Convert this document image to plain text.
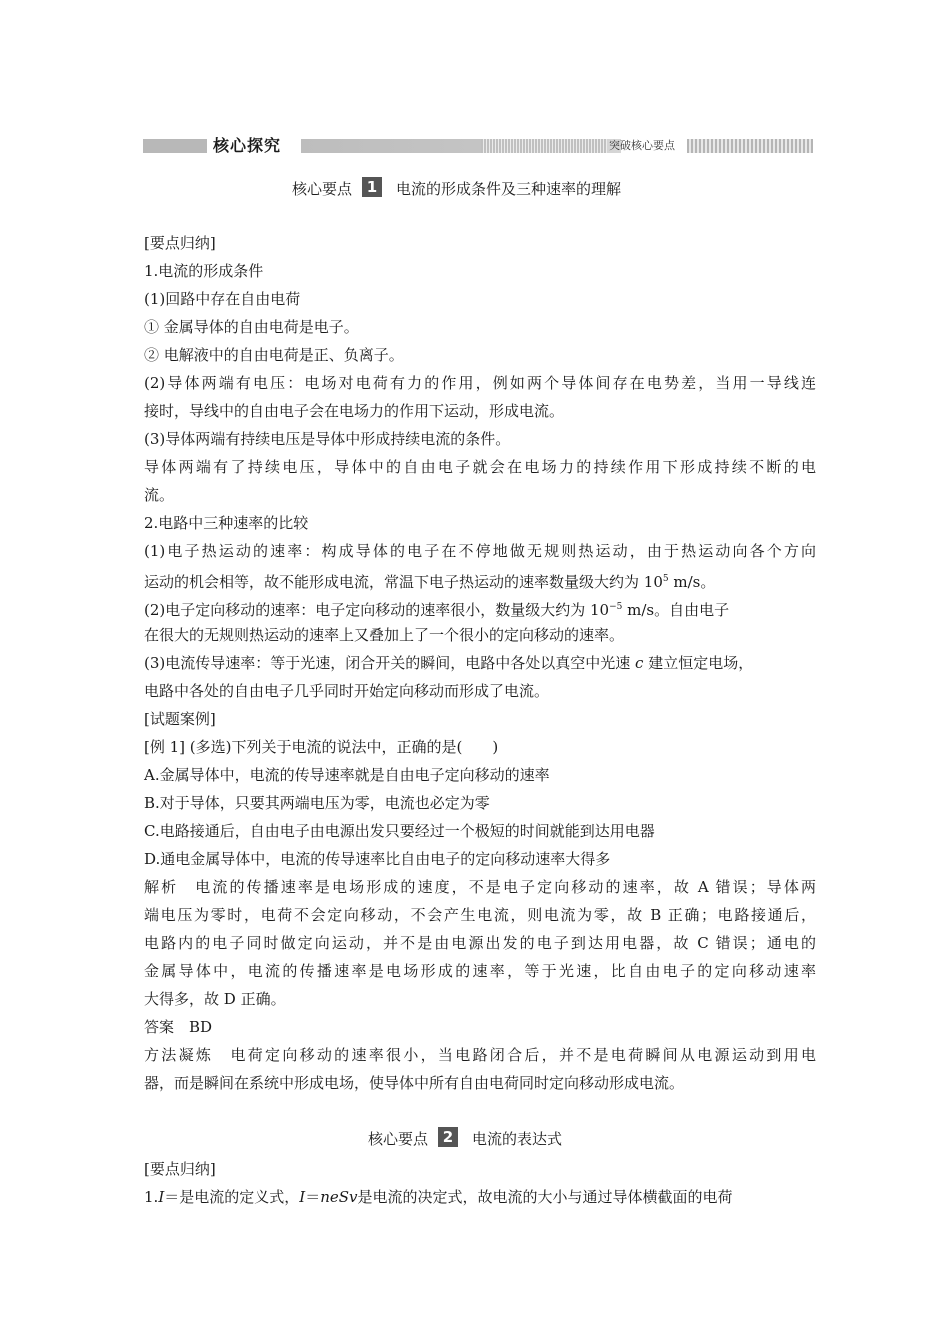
核心探究	突破核心要点
核心要点 1 电流的形成条件及三种速率的理解
[要点归纳]
1.电流的形成条件
(1)回路中存在自由电荷
① 金属导体的自由电荷是电子。
② 电解液中的自由电荷是正、负离子。
(2)导体两端有电压：电场对电荷有力的作用，例如两个导体间存在电势差，当用一导线连
接时，导线中的自由电子会在电场力的作用下运动，形成电流。
(3)导体两端有持续电压是导体中形成持续电流的条件。
导体两端有了持续电压，导体中的自由电子就会在电场力的持续作用下形成持续不断的电
流。
2.电路中三种速率的比较
(1)电子热运动的速率：构成导体的电子在不停地做无规则热运动，由于热运动向各个方向
运动的机会相等，故不能形成电流，常温下电子热运动的速率数量级大约为 $10^5$ m/s。
(2)电子定向移动的速率：电子定向移动的速率很小，数量级大约为 $10^{-5}$ m/s。自由电子
在很大的无规则热运动的速率上又叠加上了一个很小的定向移动的速率。
(3)电流传导速率：等于光速，闭合开关的瞬间，电路中各处以真空中光速 c 建立恒定电场，
电路中各处的自由电子几乎同时开始定向移动而形成了电流。
[试题案例]
[例 1] (多选)下列关于电流的说法中，正确的是(　　)
A.金属导体中，电流的传导速率就是自由电子定向移动的速率
B.对于导体，只要其两端电压为零，电流也必定为零
C.电路接通后，自由电子由电源出发只要经过一个极短的时间就能到达用电器
D.通电金属导体中，电流的传导速率比自由电子的定向移动速率大得多
解析　电流的传播速率是电场形成的速度，不是电子定向移动的速率，故 A 错误；导体两
端电压为零时，电荷不会定向移动，不会产生电流，则电流为零，故 B 正确；电路接通后，
电路内的电子同时做定向运动，并不是由电源出发的电子到达用电器，故 C 错误；通电的
金属导体中，电流的传播速率是电场形成的速率，等于光速，比自由电子的定向移动速率
大得多，故 D 正确。
答案　BD
方法凝炼　电荷定向移动的速率很小，当电路闭合后，并不是电荷瞬间从电源运动到用电
器，而是瞬间在系统中形成电场，使导体中所有自由电荷同时定向移动形成电流。
核心要点 2 电流的表达式
[要点归纳]
1.I＝是电流的定义式，I＝neSv是电流的决定式，故电流的大小与通过导体横截面的电荷
